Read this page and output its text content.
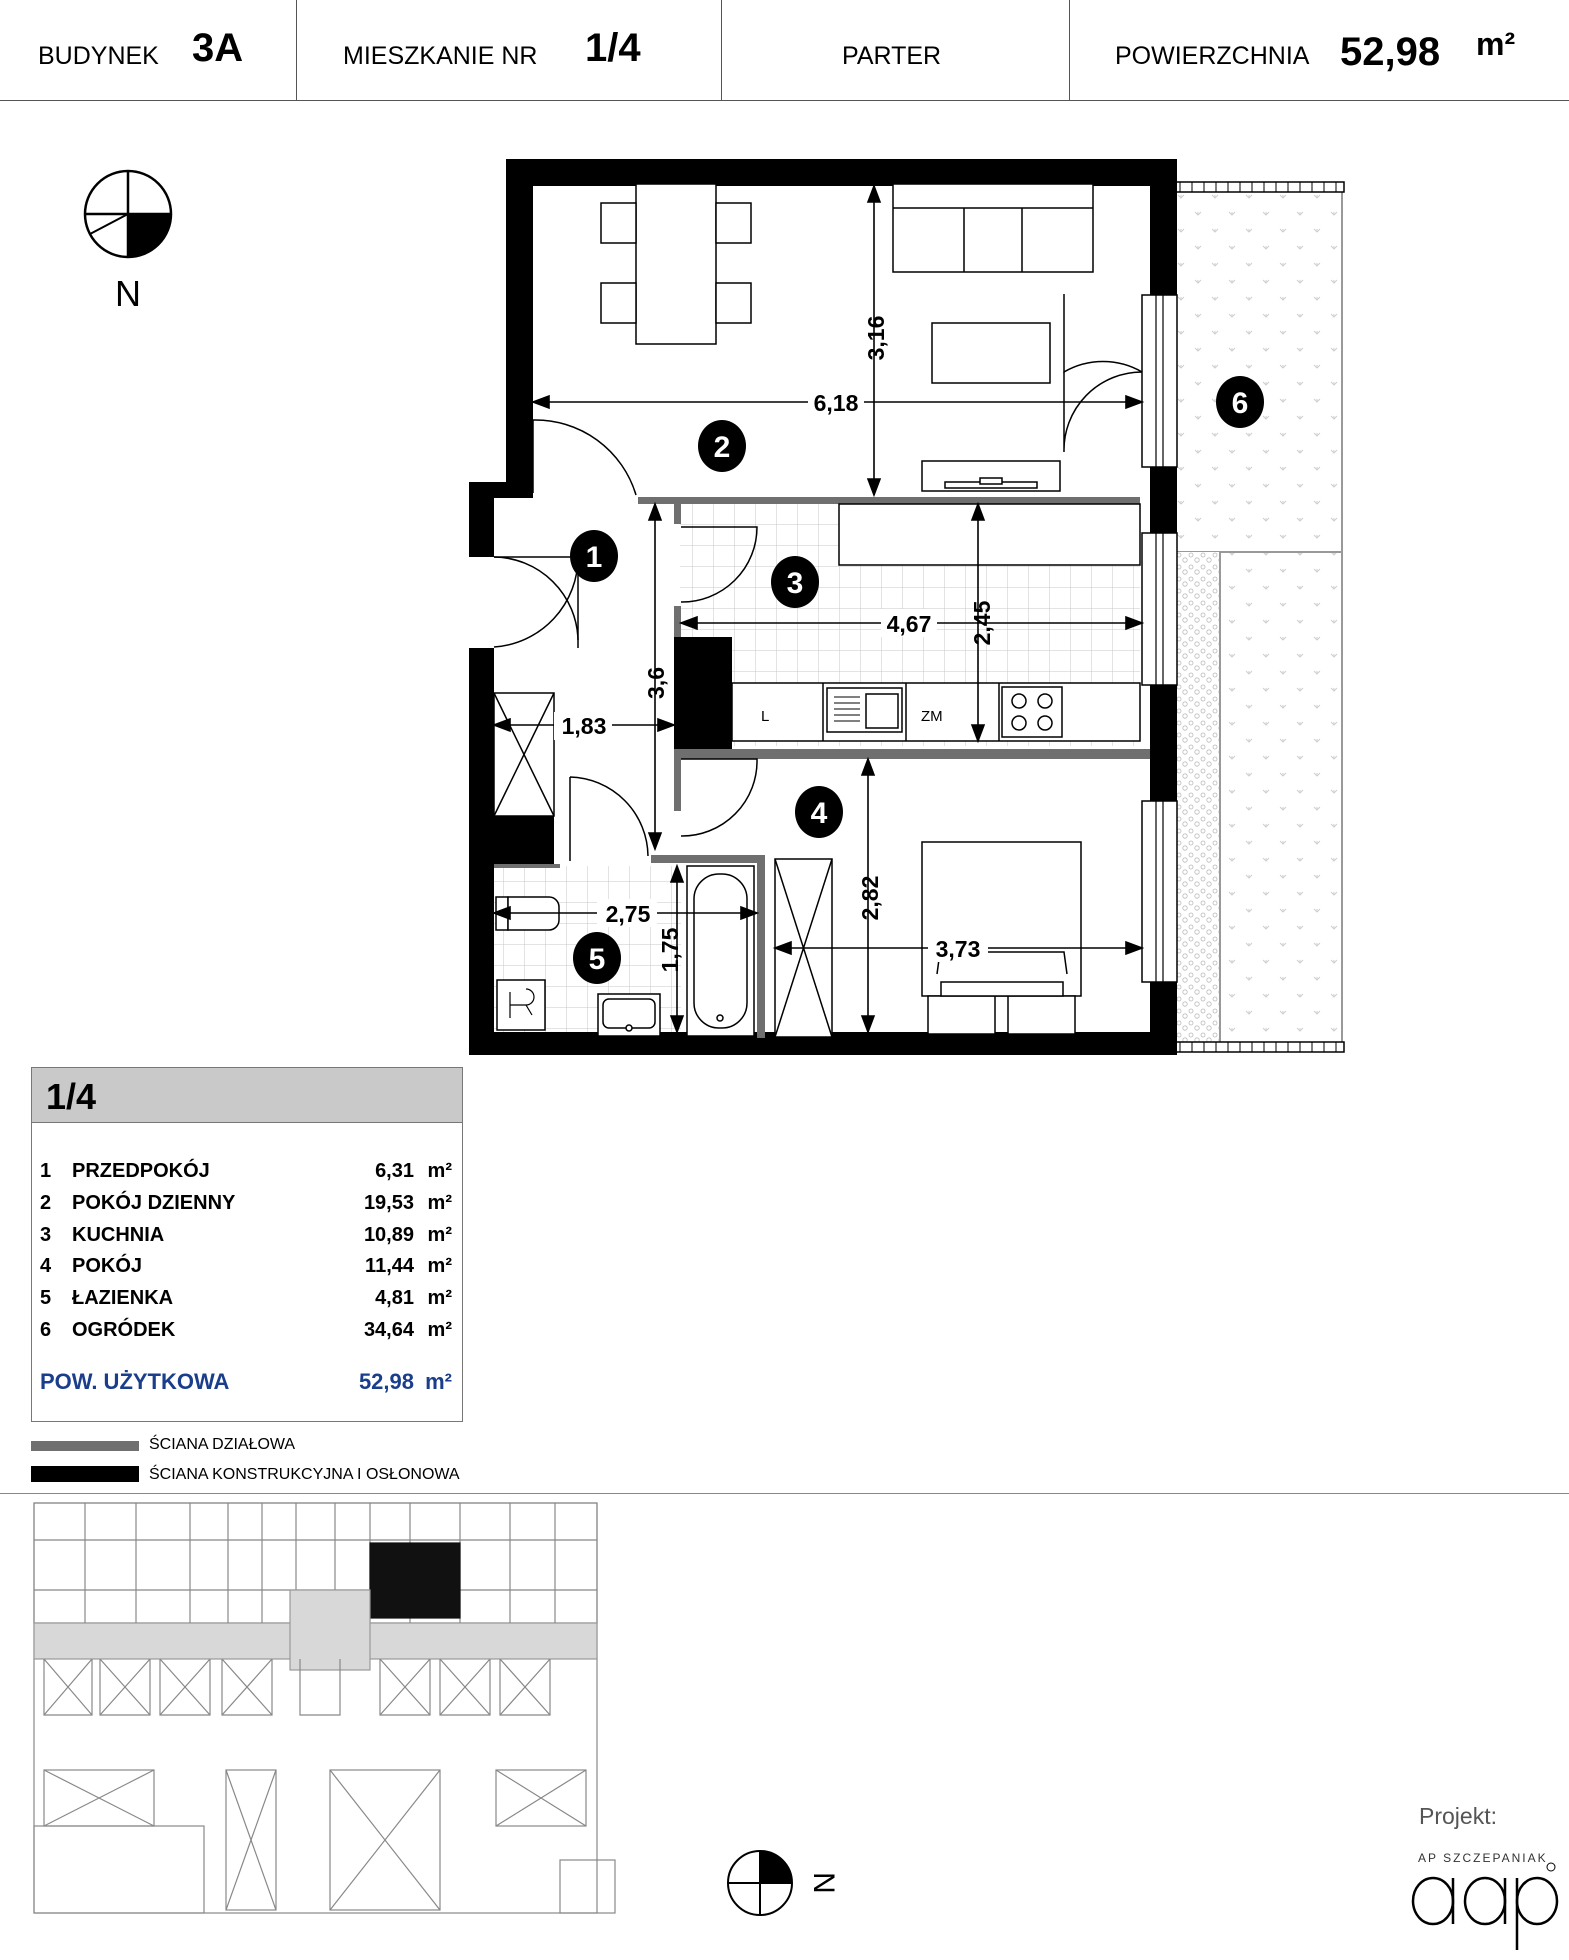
BUDYNEK 3A	MIESZKANIE NR 1/4	PARTER	POWIERZCHNIA 52,98 m²
N
L	ZM
6,18
3,16
4,67 2,45
1,83
3,6
2,75
1,75	3,73
2,82
1
2
3
4
5
6
N
1/4
1 PRZEDPOKÓJ	6,31 m²
2 POKÓJ DZIENNY	19,53 m²
3 KUCHNIA	10,89 m²
4 POKÓJ	11,44 m²
5 ŁAZIENKA	4,81 m²
6 OGRÓDEK	34,64 m²
POW. UŻYTKOWA	52,98 m²
ŚCIANA DZIAŁOWA
ŚCIANA KONSTRUKCYJNA I OSŁONOWA
Projekt:
AP SZCZEPANIAK
